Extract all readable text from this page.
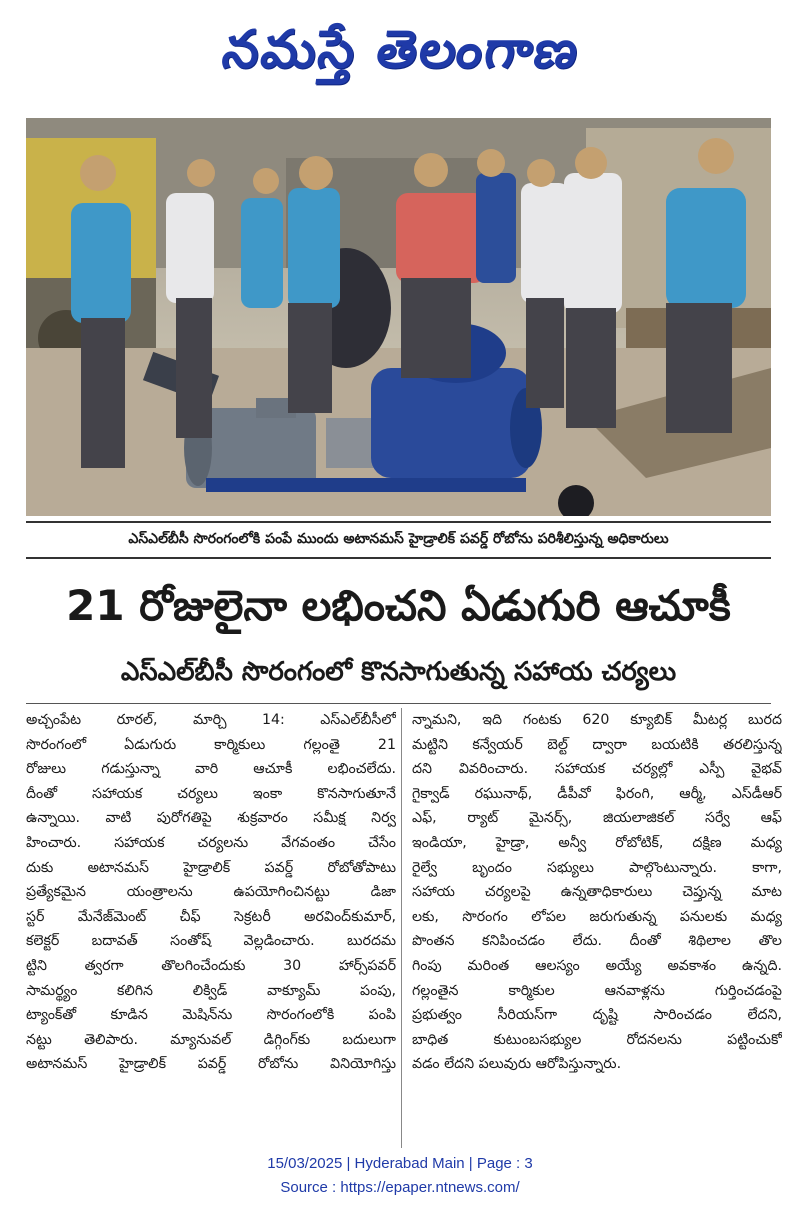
నమస్తే తెలంగాణ
ఎస్ఎల్‌బీసీ సొరంగంలోకి పంపే ముందు అటానమస్ హైడ్రాలిక్ పవర్డ్ రోబోను పరిశీలిస్తున్న అధికారులు
21 రోజులైనా లభించని ఏడుగురి ఆచూకీ
ఎస్ఎల్‌బీసీ సొరంగంలో కొనసాగుతున్న సహాయ చర్యలు

అచ్చంపేట రూరల్, మార్చి 14: ఎస్ఎల్‌బీసీలో

సొరంగంలో ఏడుగురు కార్మికులు గల్లంతై 21

రోజులు గడుస్తున్నా వారి ఆచూకీ లభించలేదు.

దీంతో సహాయక చర్యలు ఇంకా కొనసాగుతూనే

ఉన్నాయి. వాటి పురోగతిపై శుక్రవారం సమీక్ష నిర్వ

హించారు. సహాయక చర్యలను వేగవంతం చేసేం

దుకు అటానమస్ హైడ్రాలిక్ పవర్డ్ రోబోతోపాటు

ప్రత్యేకమైన యంత్రాలను ఉపయోగించినట్టు డిజా

స్టర్ మేనేజ్‌మెంట్ చీఫ్ సెక్రటరీ అరవింద్‌కుమార్,

కలెక్టర్ బదావత్ సంతోష్ వెల్లడించారు. బురదమ

ట్టిని త్వరగా తొలగించేందుకు 30 హార్స్‌పవర్

సామర్థ్యం కలిగిన లిక్విడ్ వాక్యూమ్ పంపు,

ట్యాంక్‌తో కూడిన మెషిన్‌ను సొరంగంలోకి పంపి

నట్టు తెలిపారు. మ్యానువల్ డిగ్గింగ్‌కు బదులుగా

అటానమస్ హైడ్రాలిక్ పవర్డ్ రోబోను వినియోగిస్తు

న్నామని, ఇది గంటకు 620 క్యూబిక్ మీటర్ల బురద

మట్టిని కన్వేయర్ బెల్ట్ ద్వారా బయటికి తరలిస్తున్న

దని వివరించారు. సహాయక చర్యల్లో ఎస్పీ వైభవ్

గైక్వాడ్ రఘునాథ్, డీపీవో ఫిరంగి, ఆర్మీ, ఎస్‌డీఆర్

ఎఫ్, ర్యాట్ మైనర్స్, జియలాజికల్ సర్వే ఆఫ్

ఇండియా, హైడ్రా, అన్వీ రోబోటిక్, దక్షిణ మధ్య

రైల్వే బృందం సభ్యులు పాల్గొంటున్నారు. కాగా,

సహాయ చర్యలపై ఉన్నతాధికారులు చెప్తున్న మాట

లకు, సొరంగం లోపల జరుగుతున్న పనులకు మధ్య

పొంతన కనిపించడం లేదు. దీంతో శిథిలాల తొల

గింపు మరింత ఆలస్యం అయ్యే అవకాశం ఉన్నది.

గల్లంతైన కార్మికుల ఆనవాళ్లను గుర్తించడంపై

ప్రభుత్వం సీరియస్‌గా దృష్టి సారించడం లేదని,

బాధిత కుటుంబసభ్యుల రోదనలను పట్టించుకో

వడం లేదని పలువురు ఆరోపిస్తున్నారు.

15/03/2025 | Hyderabad Main | Page : 3
Source : https://epaper.ntnews.com/
